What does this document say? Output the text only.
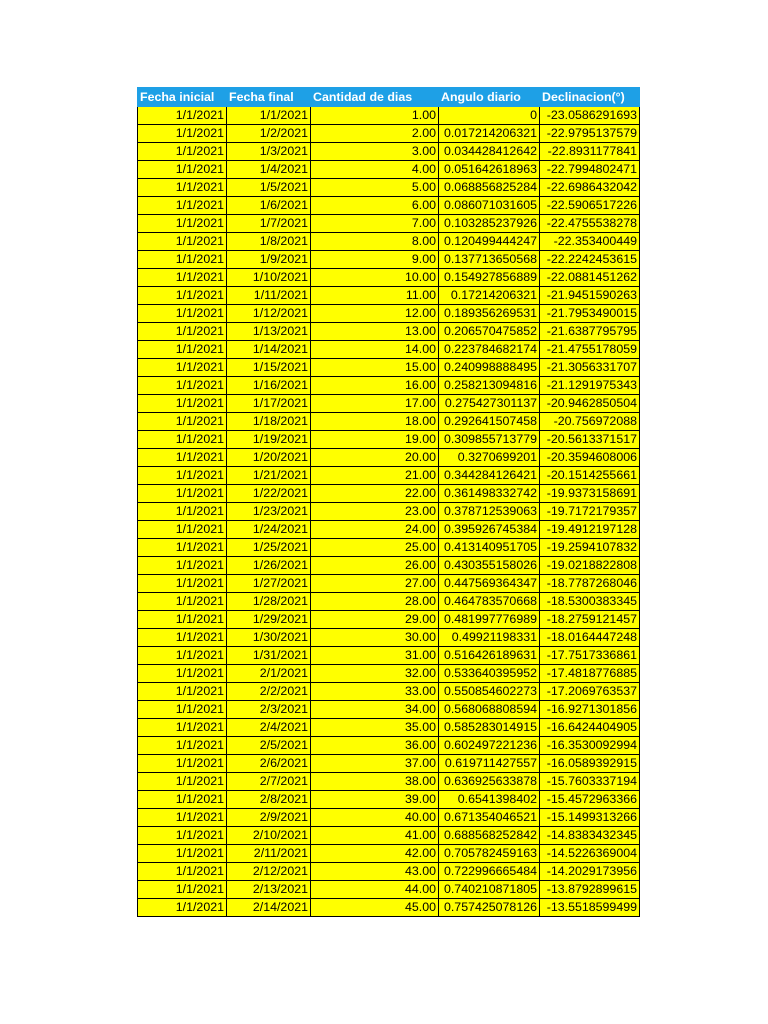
Fecha inicial	Fecha final	Cantidad de dias	Angulo diario	Declinacion(°)
1/1/2021	1/1/2021	1.00	0	-23.0586291693
1/1/2021	1/2/2021	2.00	0.017214206321	-22.9795137579
1/1/2021	1/3/2021	3.00	0.034428412642	-22.8931177841
1/1/2021	1/4/2021	4.00	0.051642618963	-22.7994802471
1/1/2021	1/5/2021	5.00	0.068856825284	-22.6986432042
1/1/2021	1/6/2021	6.00	0.086071031605	-22.5906517226
1/1/2021	1/7/2021	7.00	0.103285237926	-22.4755538278
1/1/2021	1/8/2021	8.00	0.120499444247	-22.353400449
1/1/2021	1/9/2021	9.00	0.137713650568	-22.2242453615
1/1/2021	1/10/2021	10.00	0.154927856889	-22.0881451262
1/1/2021	1/11/2021	11.00	0.17214206321	-21.9451590263
1/1/2021	1/12/2021	12.00	0.189356269531	-21.7953490015
1/1/2021	1/13/2021	13.00	0.206570475852	-21.6387795795
1/1/2021	1/14/2021	14.00	0.223784682174	-21.4755178059
1/1/2021	1/15/2021	15.00	0.240998888495	-21.3056331707
1/1/2021	1/16/2021	16.00	0.258213094816	-21.1291975343
1/1/2021	1/17/2021	17.00	0.275427301137	-20.9462850504
1/1/2021	1/18/2021	18.00	0.292641507458	-20.756972088
1/1/2021	1/19/2021	19.00	0.309855713779	-20.5613371517
1/1/2021	1/20/2021	20.00	0.3270699201	-20.3594608006
1/1/2021	1/21/2021	21.00	0.344284126421	-20.1514255661
1/1/2021	1/22/2021	22.00	0.361498332742	-19.9373158691
1/1/2021	1/23/2021	23.00	0.378712539063	-19.7172179357
1/1/2021	1/24/2021	24.00	0.395926745384	-19.4912197128
1/1/2021	1/25/2021	25.00	0.413140951705	-19.2594107832
1/1/2021	1/26/2021	26.00	0.430355158026	-19.0218822808
1/1/2021	1/27/2021	27.00	0.447569364347	-18.7787268046
1/1/2021	1/28/2021	28.00	0.464783570668	-18.5300383345
1/1/2021	1/29/2021	29.00	0.481997776989	-18.2759121457
1/1/2021	1/30/2021	30.00	0.49921198331	-18.0164447248
1/1/2021	1/31/2021	31.00	0.516426189631	-17.7517336861
1/1/2021	2/1/2021	32.00	0.533640395952	-17.4818776885
1/1/2021	2/2/2021	33.00	0.550854602273	-17.2069763537
1/1/2021	2/3/2021	34.00	0.568068808594	-16.9271301856
1/1/2021	2/4/2021	35.00	0.585283014915	-16.6424404905
1/1/2021	2/5/2021	36.00	0.602497221236	-16.3530092994
1/1/2021	2/6/2021	37.00	0.619711427557	-16.0589392915
1/1/2021	2/7/2021	38.00	0.636925633878	-15.7603337194
1/1/2021	2/8/2021	39.00	0.6541398402	-15.4572963366
1/1/2021	2/9/2021	40.00	0.671354046521	-15.1499313266
1/1/2021	2/10/2021	41.00	0.688568252842	-14.8383432345
1/1/2021	2/11/2021	42.00	0.705782459163	-14.5226369004
1/1/2021	2/12/2021	43.00	0.722996665484	-14.2029173956
1/1/2021	2/13/2021	44.00	0.740210871805	-13.8792899615
1/1/2021	2/14/2021	45.00	0.757425078126	-13.5518599499
